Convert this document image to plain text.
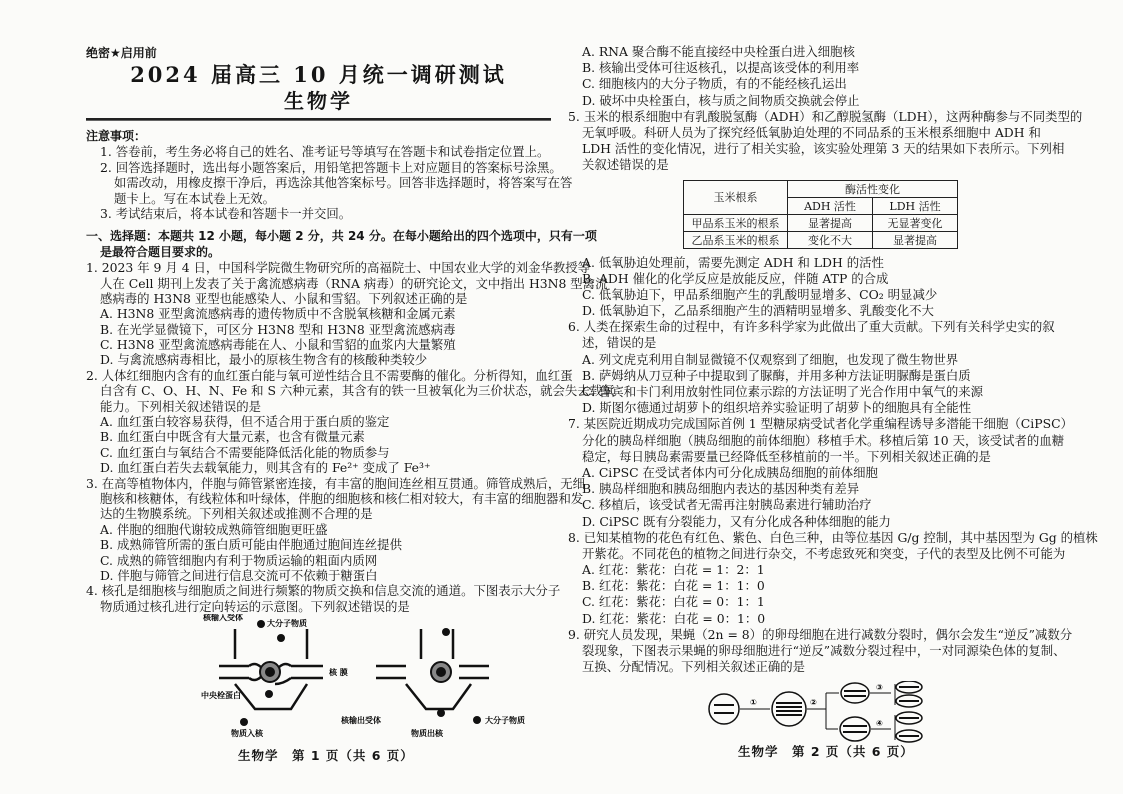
绝密★启用前
2024 届高三 10 月统一调研测试
生物学
注意事项：
1. 答卷前，考生务必将自己的姓名、准考证号等填写在答题卡和试卷指定位置上。
2. 回答选择题时，选出每小题答案后，用铅笔把答题卡上对应题目的答案标号涂黑。
如需改动，用橡皮擦干净后，再选涂其他答案标号。回答非选择题时，将答案写在答
题卡上。写在本试卷上无效。
3. 考试结束后，将本试卷和答题卡一并交回。
一、选择题：本题共 12 小题，每小题 2 分，共 24 分。在每小题给出的四个选项中，只有一项
是最符合题目要求的。
1. 2023 年 9 月 4 日，中国科学院微生物研究所的高福院士、中国农业大学的刘金华教授等
人在 Cell 期刊上发表了关于禽流感病毒（RNA 病毒）的研究论文，文中指出 H3N8 型禽流
感病毒的 H3N8 亚型也能感染人、小鼠和雪貂。下列叙述正确的是
A. H3N8 亚型禽流感病毒的遗传物质中不含脱氧核糖和金属元素
B. 在光学显微镜下，可区分 H3N8 型和 H3N8 亚型禽流感病毒
C. H3N8 亚型禽流感病毒能在人、小鼠和雪貂的血浆内大量繁殖
D. 与禽流感病毒相比，最小的原核生物含有的核酸种类较少
2. 人体红细胞内含有的血红蛋白能与氧可逆性结合且不需要酶的催化。分析得知，血红蛋
白含有 C、O、H、N、Fe 和 S 六种元素，其含有的铁一旦被氧化为三价状态，就会失去载氧
能力。下列相关叙述错误的是
A. 血红蛋白较容易获得，但不适合用于蛋白质的鉴定
B. 血红蛋白中既含有大量元素，也含有微量元素
C. 血红蛋白与氧结合不需要能降低活化能的物质参与
D. 血红蛋白若失去载氧能力，则其含有的 Fe²⁺ 变成了 Fe³⁺
3. 在高等植物体内，伴胞与筛管紧密连接，有丰富的胞间连丝相互贯通。筛管成熟后，无细
胞核和核糖体，有线粒体和叶绿体，伴胞的细胞核和核仁相对较大，有丰富的细胞器和发
达的生物膜系统。下列相关叙述或推测不合理的是
A. 伴胞的细胞代谢较成熟筛管细胞更旺盛
B. 成熟筛管所需的蛋白质可能由伴胞通过胞间连丝提供
C. 成熟的筛管细胞内有利于物质运输的粗面内质网
D. 伴胞与筛管之间进行信息交流可不依赖于糖蛋白
4. 核孔是细胞核与细胞质之间进行频繁的物质交换和信息交流的通道。下图表示大分子
物质通过核孔进行定向转运的示意图。下列叙述错误的是
核输入受体
大分子物质
核 膜
中央栓蛋白
物质入核
核输出受体	大分子物质
物质出核
生物学　第 1 页（共 6 页）
A. RNA 聚合酶不能直接经中央栓蛋白进入细胞核
B. 核输出受体可往返核孔，以提高该受体的利用率
C. 细胞核内的大分子物质，有的不能经核孔运出
D. 破坏中央栓蛋白，核与质之间物质交换就会停止
5. 玉米的根系细胞中有乳酸脱氢酶（ADH）和乙醇脱氢酶（LDH），这两种酶参与不同类型的
无氧呼吸。科研人员为了探究经低氧胁迫处理的不同品系的玉米根系细胞中 ADH 和
LDH 活性的变化情况，进行了相关实验，该实验处理第 3 天的结果如下表所示。下列相
关叙述错误的是
玉米根系	酶活性变化	
	ADH 活性	LDH 活性
甲品系玉米的根系	显著提高	无显著变化
乙品系玉米的根系	变化不大	显著提高
A. 低氧胁迫处理前，需要先测定 ADH 和 LDH 的活性
B. ADH 催化的化学反应是放能反应，伴随 ATP 的合成
C. 低氧胁迫下，甲品系细胞产生的乳酸明显增多、CO₂ 明显减少
D. 低氧胁迫下，乙品系细胞产生的酒精明显增多、乳酸变化不大
6. 人类在探索生命的过程中，有许多科学家为此做出了重大贡献。下列有关科学史实的叙
述，错误的是
A. 列文虎克利用自制显微镜不仅观察到了细胞，也发现了微生物世界
B. 萨姆纳从刀豆种子中提取到了脲酶，并用多种方法证明脲酶是蛋白质
C. 鲁宾和卡门利用放射性同位素示踪的方法证明了光合作用中氧气的来源
D. 斯图尔德通过胡萝卜的组织培养实验证明了胡萝卜的细胞具有全能性
7. 某医院近期成功完成国际首例 1 型糖尿病受试者化学重编程诱导多潜能干细胞（CiPSC）
分化的胰岛样细胞（胰岛细胞的前体细胞）移植手术。移植后第 10 天，该受试者的血糖
稳定，每日胰岛素需要量已经降低至移植前的一半。下列相关叙述正确的是
A. CiPSC 在受试者体内可分化成胰岛细胞的前体细胞
B. 胰岛样细胞和胰岛细胞内表达的基因种类有差异
C. 移植后，该受试者无需再注射胰岛素进行辅助治疗
D. CiPSC 既有分裂能力，又有分化成各种体细胞的能力
8. 已知某植物的花色有红色、紫色、白色三种，由等位基因 G/g 控制，其中基因型为 Gg 的植株
开紫花。不同花色的植物之间进行杂交，不考虑致死和突变，子代的表型及比例不可能为
A. 红花：紫花：白花 = 1：2：1
B. 红花：紫花：白花 = 1：1：0
C. 红花：紫花：白花 = 0：1：1
D. 红花：紫花：白花 = 0：1：0
9. 研究人员发现，果蝇（2n = 8）的卵母细胞在进行减数分裂时，偶尔会发生“逆反”减数分
裂现象，下图表示果蝇的卵母细胞进行“逆反”减数分裂过程中，一对同源染色体的复制、
互换、分配情况。下列相关叙述正确的是
①	②
③
④
生物学　第 2 页（共 6 页）
